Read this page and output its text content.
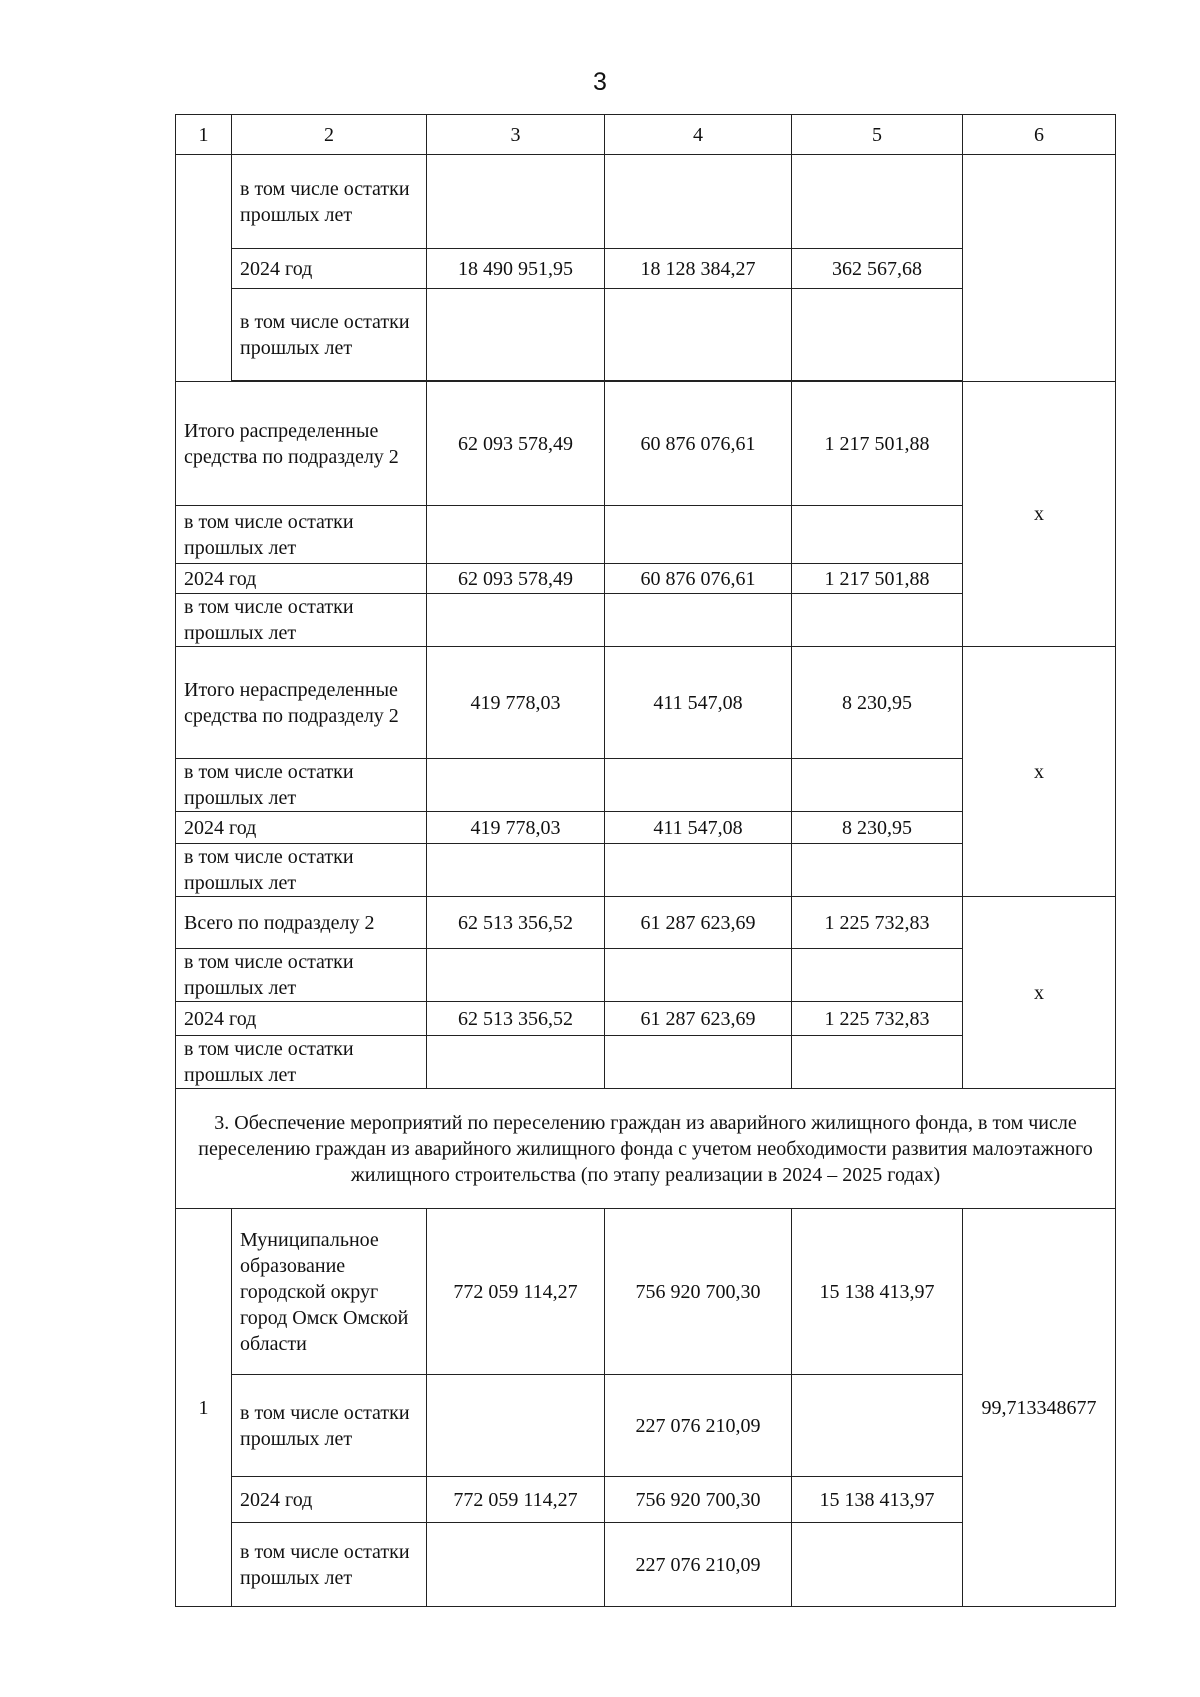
3
1	2	3	4	5	6
	в том числе остатки прошлых лет				
	2024 год	18 490 951,95	18 128 384,27	362 567,68	
	в том числе остатки прошлых лет				

Итого распределенные средства по подразделу 2		62 093 578,49	60 876 076,61	1 217 501,88	x
в том числе остатки прошлых лет					
2024 год		62 093 578,49	60 876 076,61	1 217 501,88	
в том числе остатки прошлых лет					
Итого нераспределенные средства по подразделу 2		419 778,03	411 547,08	8 230,95	x
в том числе остатки прошлых лет					
2024 год		419 778,03	411 547,08	8 230,95	
в том числе остатки прошлых лет					
Всего по подразделу 2		62 513 356,52	61 287 623,69	1 225 732,83	x
в том числе остатки прошлых лет					
2024 год		62 513 356,52	61 287 623,69	1 225 732,83	
в том числе остатки прошлых лет					
3. Обеспечение мероприятий по переселению граждан из аварийного жилищного фонда, в том числе переселению граждан из аварийного жилищного фонда с учетом необходимости развития малоэтажного жилищного строительства (по этапу реализации в 2024 – 2025 годах)					
1	Муниципальное образование городской округ город Омск Омской области	772 059 114,27	756 920 700,30	15 138 413,97	99,713348677
	в том числе остатки прошлых лет		227 076 210,09		
	2024 год	772 059 114,27	756 920 700,30	15 138 413,97	
	в том числе остатки прошлых лет		227 076 210,09		
